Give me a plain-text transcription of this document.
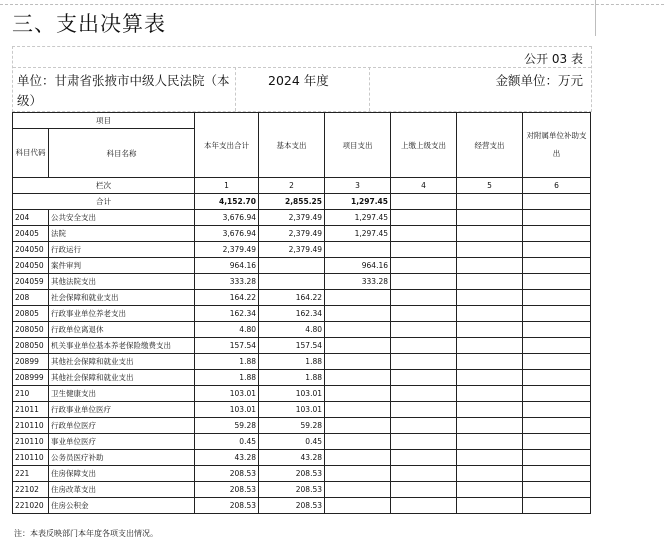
三、支出决算表
公开 03 表
单位：甘肃省张掖市中级人民法院（本级）
2024 年度	金额单位：万元
项目		本年支出合计	基本支出	项目支出	上缴上级支出	经营支出	对附属单位补助支出
科目代码	科目名称						
栏次		1	2	3	4	5	6
合计		4,152.70	2,855.25	1,297.45			
204	公共安全支出	3,676.94	2,379.49	1,297.45			
20405	法院	3,676.94	2,379.49	1,297.45			
204050	行政运行	2,379.49	2,379.49				
204050	案件审判	964.16		964.16			
204059	其他法院支出	333.28		333.28			
208	社会保障和就业支出	164.22	164.22				
20805	行政事业单位养老支出	162.34	162.34				
208050	行政单位离退休	4.80	4.80				
208050	机关事业单位基本养老保险缴费支出	157.54	157.54				
20899	其他社会保障和就业支出	1.88	1.88				
208999	其他社会保障和就业支出	1.88	1.88				
210	卫生健康支出	103.01	103.01				
21011	行政事业单位医疗	103.01	103.01				
210110	行政单位医疗	59.28	59.28				
210110	事业单位医疗	0.45	0.45				
210110	公务员医疗补助	43.28	43.28				
221	住房保障支出	208.53	208.53				
22102	住房改革支出	208.53	208.53				
221020	住房公积金	208.53	208.53				
注：本表反映部门本年度各项支出情况。
